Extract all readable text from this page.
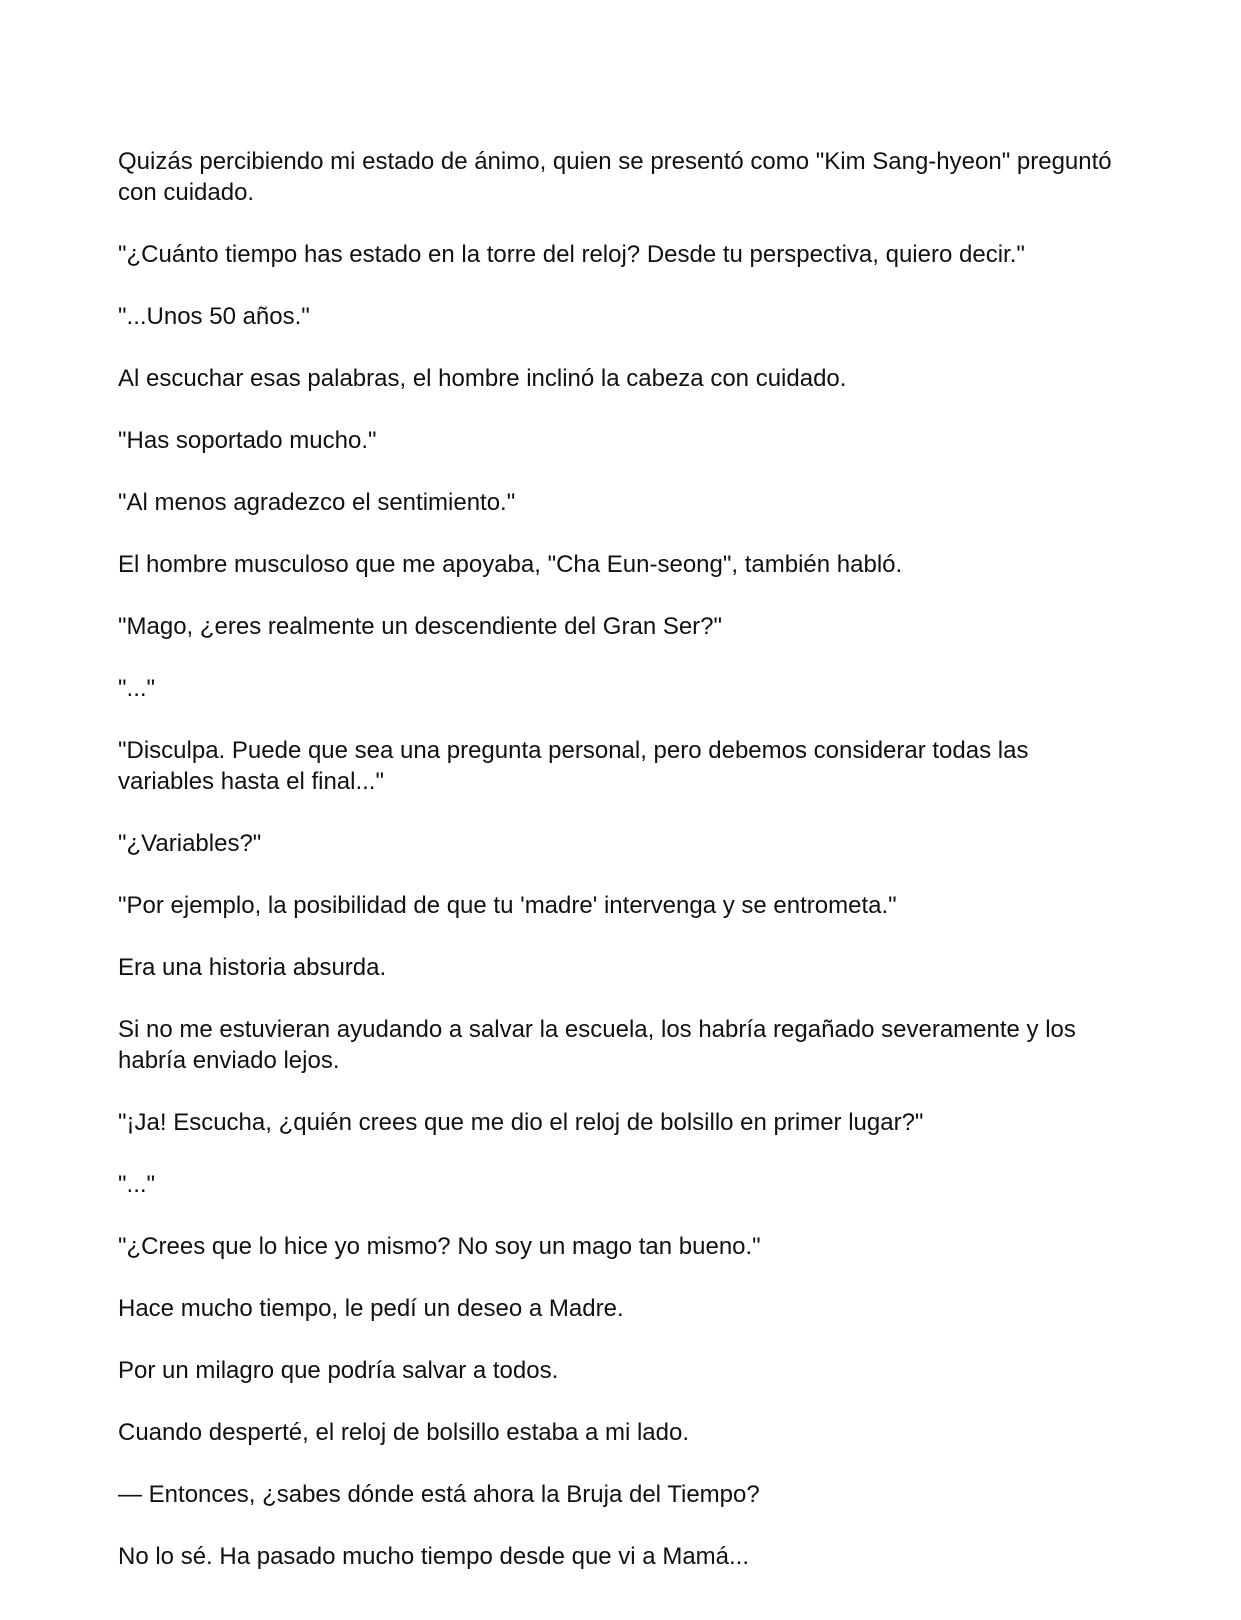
Quizás percibiendo mi estado de ánimo, quien se presentó como "Kim Sang-hyeon" preguntó con cuidado.

"¿Cuánto tiempo has estado en la torre del reloj? Desde tu perspectiva, quiero decir."

"...Unos 50 años."

Al escuchar esas palabras, el hombre inclinó la cabeza con cuidado.

"Has soportado mucho."

"Al menos agradezco el sentimiento."

El hombre musculoso que me apoyaba, "Cha Eun-seong", también habló.

"Mago, ¿eres realmente un descendiente del Gran Ser?"

"..."

"Disculpa. Puede que sea una pregunta personal, pero debemos considerar todas las variables hasta el final..."

"¿Variables?"

"Por ejemplo, la posibilidad de que tu 'madre' intervenga y se entrometa."

Era una historia absurda.

Si no me estuvieran ayudando a salvar la escuela, los habría regañado severamente y los habría enviado lejos.

"¡Ja! Escucha, ¿quién crees que me dio el reloj de bolsillo en primer lugar?"

"..."

"¿Crees que lo hice yo mismo? No soy un mago tan bueno."

Hace mucho tiempo, le pedí un deseo a Madre.

Por un milagro que podría salvar a todos.

Cuando desperté, el reloj de bolsillo estaba a mi lado.

— Entonces, ¿sabes dónde está ahora la Bruja del Tiempo?

No lo sé. Ha pasado mucho tiempo desde que vi a Mamá...
